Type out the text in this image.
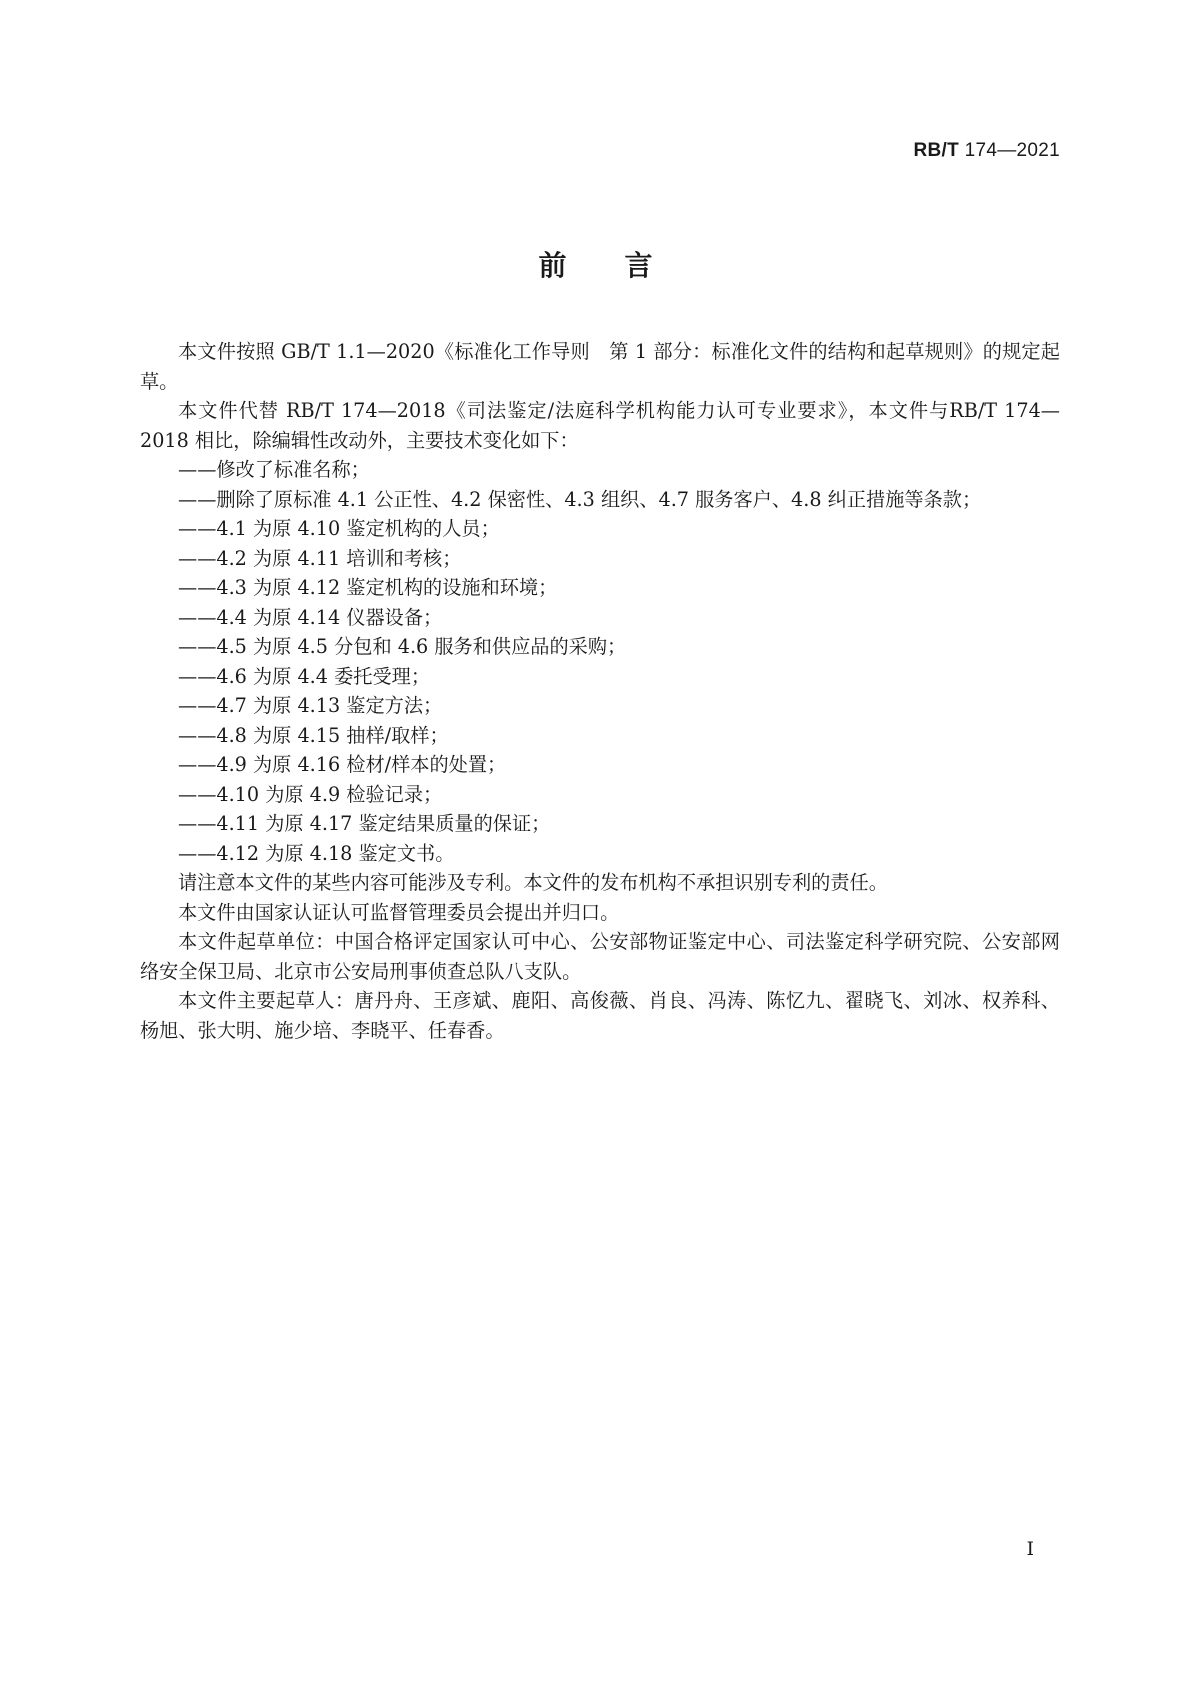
RB/T 174—2021
前言

本文件按照 GB/T 1.1—2020《标准化工作导则　第 1 部分：标准化文件的结构和起草规则》的规定起草。

本文件代替 RB/T 174—2018《司法鉴定/法庭科学机构能力认可专业要求》，本文件与RB/T 174—2018 相比，除编辑性改动外，主要技术变化如下：

——修改了标准名称；

——删除了原标准 4.1 公正性、4.2 保密性、4.3 组织、4.7 服务客户、4.8 纠正措施等条款；

——4.1 为原 4.10 鉴定机构的人员；

——4.2 为原 4.11 培训和考核；

——4.3 为原 4.12 鉴定机构的设施和环境；

——4.4 为原 4.14 仪器设备；

——4.5 为原 4.5 分包和 4.6 服务和供应品的采购；

——4.6 为原 4.4 委托受理；

——4.7 为原 4.13 鉴定方法；

——4.8 为原 4.15 抽样/取样；

——4.9 为原 4.16 检材/样本的处置；

——4.10 为原 4.9 检验记录；

——4.11 为原 4.17 鉴定结果质量的保证；

——4.12 为原 4.18 鉴定文书。

请注意本文件的某些内容可能涉及专利。本文件的发布机构不承担识别专利的责任。

本文件由国家认证认可监督管理委员会提出并归口。

本文件起草单位：中国合格评定国家认可中心、公安部物证鉴定中心、司法鉴定科学研究院、公安部网络安全保卫局、北京市公安局刑事侦查总队八支队。

本文件主要起草人：唐丹舟、王彦斌、鹿阳、高俊薇、肖良、冯涛、陈忆九、翟晓飞、刘冰、权养科、杨旭、张大明、施少培、李晓平、任春香。

I
